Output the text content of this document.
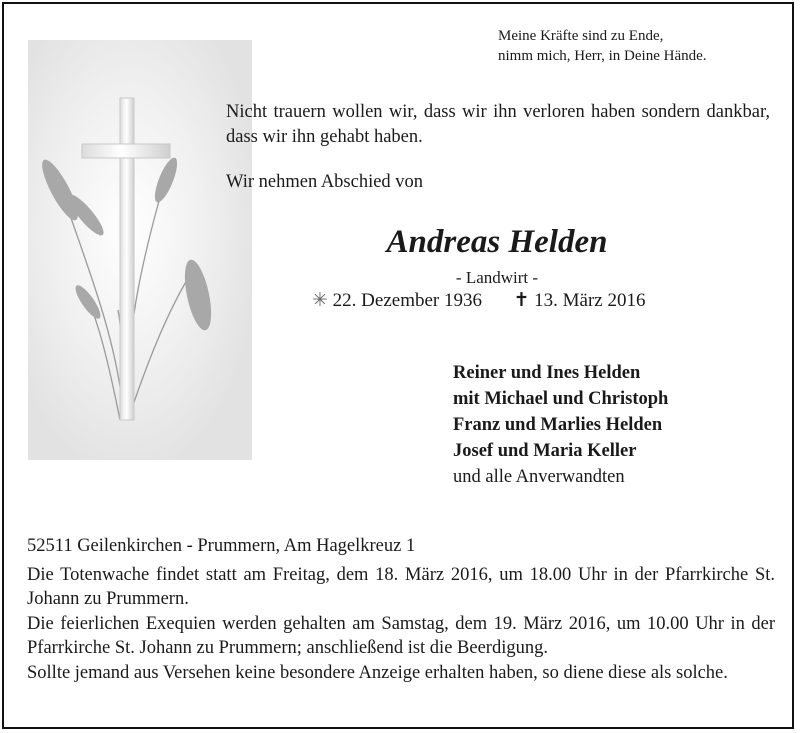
Meine Kräfte sind zu Ende,
nimm mich, Herr, in Deine Hände.
Nicht trauern wollen wir, dass wir ihn verloren haben sondern dankbar, dass wir ihn gehabt haben.
Wir nehmen Abschied von
Andreas Helden
- Landwirt -
✳ 22. Dezember 1936 ✝ 13. März 2016
Reiner und Ines Helden
mit Michael und Christoph
Franz und Marlies Helden
Josef und Maria Keller
und alle Anverwandten

52511 Geilenkirchen - Prummern, Am Hagelkreuz 1

Die Totenwache findet statt am Freitag, dem 18. März 2016, um 18.00 Uhr in der Pfarrkirche St. Johann zu Prummern.

Die feierlichen Exequien werden gehalten am Samstag, dem 19. März 2016, um 10.00 Uhr in der Pfarrkirche St. Johann zu Prummern; anschließend ist die Beerdigung.

Sollte jemand aus Versehen keine besondere Anzeige erhalten haben, so diene diese als solche.
